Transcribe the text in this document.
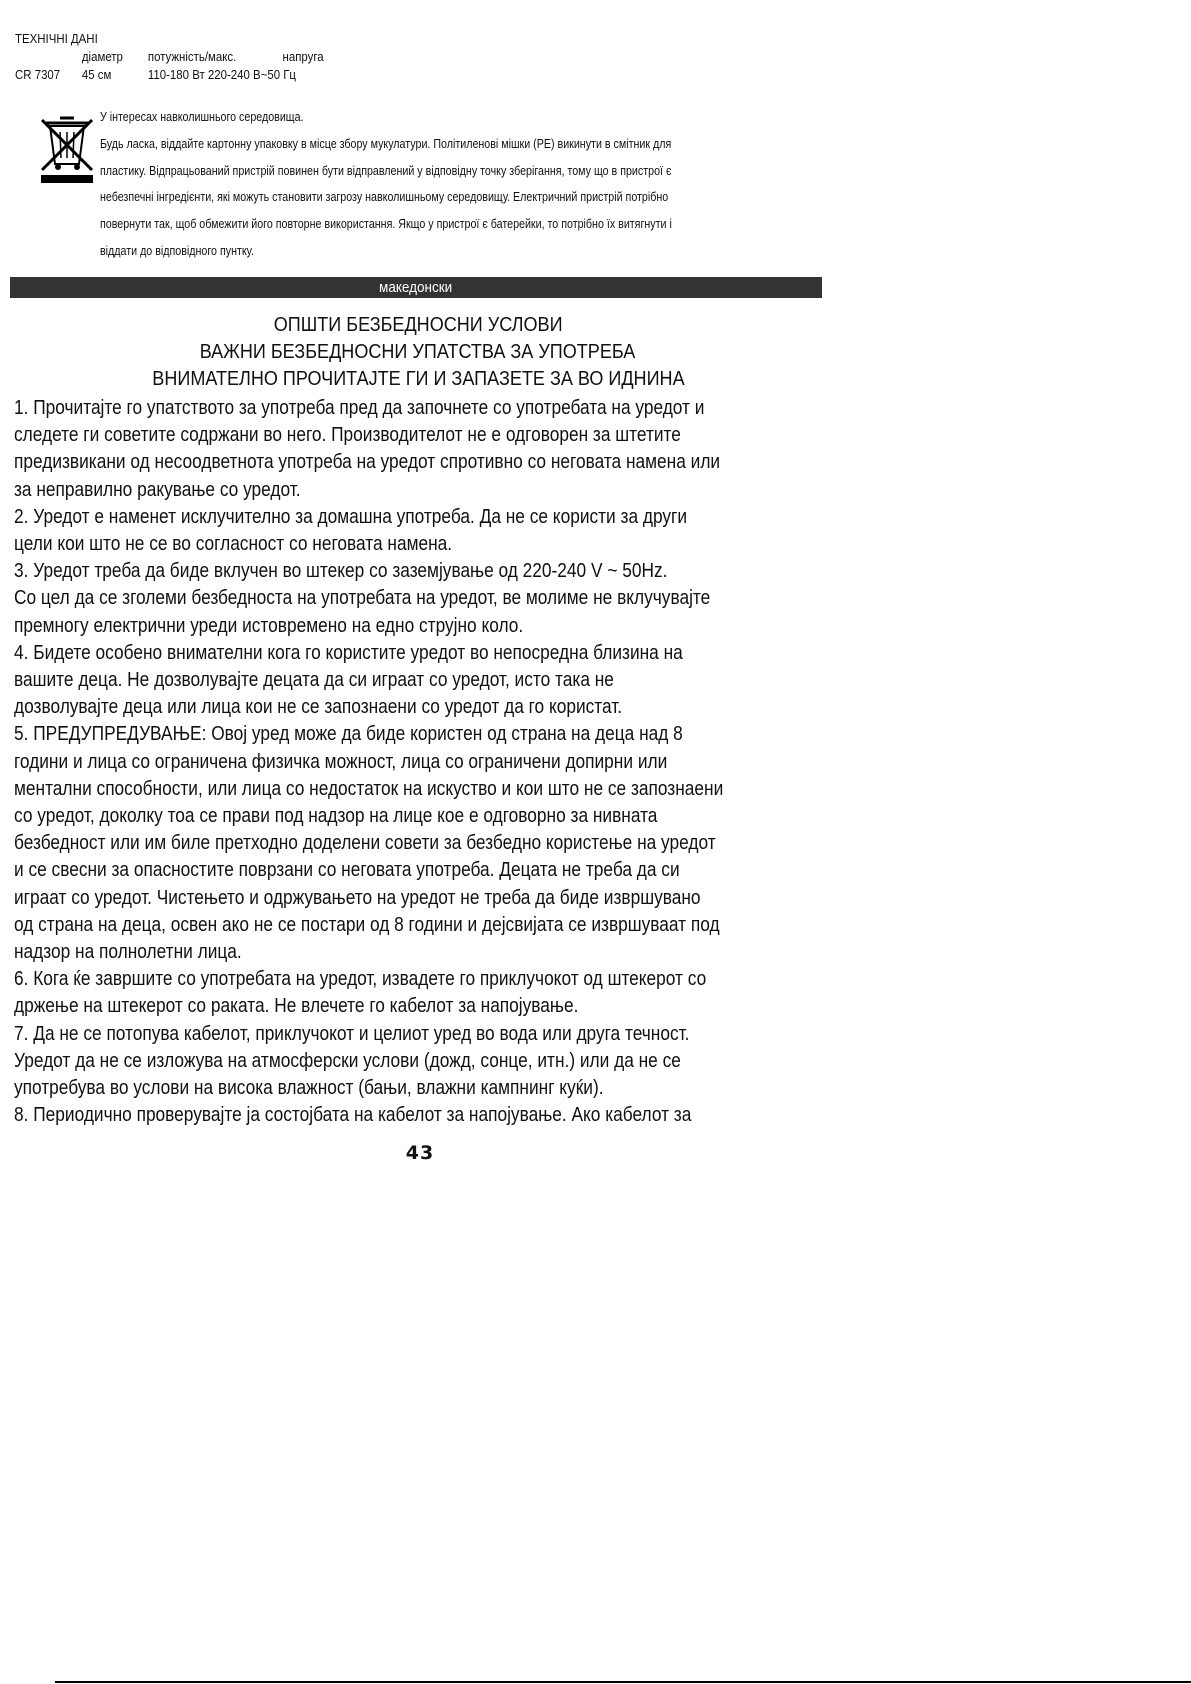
ТЕХНІЧНІ ДАНІ
діаметр потужність/макс.	напруга
CR 7307 45 см	110-180 Вт 220-240 В~50 Гц

У інтересах навколишнього середовища.

Будь ласка, віддайте картонну упаковку в місце збору мукулатури. Політиленові мішки (PE) викинути в смітник для

пластику. Відпрацьований пристрій повинен бути відправлений у відповідну точку зберігання, тому що в пристрої є

небезпечні інгредієнти, які можуть становити загрозу навколишньому середовищу. Електричний пристрій потрібно

повернути так, щоб обмежити його повторне використання. Якщо у пристрої є батерейки, то потрібно їх витягнути і

віддати до відповідного пунтку.

македонски
ОПШТИ БЕЗБЕДНОСНИ УСЛОВИ
ВАЖНИ БЕЗБЕДНОСНИ УПАТСТВА ЗА УПОТРЕБА
ВНИМАТЕЛНО ПРОЧИТАЈТЕ ГИ И ЗАПАЗЕТЕ ЗА ВО ИДНИНА
1. Прочитајте го упатството за употреба пред да започнете со употребата на уредот и
следете ги советите содржани во него. Производителот не е одговорен за штетите
предизвикани од несоодветнота употреба на уредот спротивно со неговата намена или
за неправилно ракување со уредот.
2. Уредот е наменет исклучително за домашна употреба. Да не се користи за други
цели кои што не се во согласност со неговата намена.
3. Уредот треба да биде вклучен во штекер со заземјување од 220-240 V ~ 50Hz.
Со цел да се зголеми безбедноста на употребата на уредот, ве молиме не вклучувајте
премногу електрични уреди истовремено на едно струјно коло.
4. Бидете особено внимателни кога го користите уредот во непосредна близина на
вашите деца. Не дозволувајте децата да си играат со уредот, исто така не
дозволувајте деца или лица кои не се запознаени со уредот да го користат.
5. ПРЕДУПРЕДУВАЊЕ: Овој уред може да биде користен од страна на деца над 8
години и лица со ограничена физичка можност, лица со ограничени допирни или
ментални способности, или лица со недостаток на искуство и кои што не се запознаени
со уредот, доколку тоа се прави под надзор на лице кое е одговорно за нивната
безбедност или им биле претходно доделени совети за безбедно користење на уредот
и се свесни за опасностите поврзани со неговата употреба. Децата не треба да си
играат со уредот. Чистењето и одржувањето на уредот не треба да биде извршувано
од страна на деца, освен ако не се постари од 8 години и дејсвијата се извршуваат под
надзор на полнолетни лица.
6. Кога ќе завршите со употребата на уредот, извадете го приклучокот од штекерот со
држење на штекерот со раката. Не влечете го кабелот за напојување.
7. Да не се потопува кабелот, приклучокот и целиот уред во вода или друга течност.
Уредот да не се изложува на атмосферски услови (дожд, сонце, итн.) или да не се
употребува во услови на висока влажност (бањи, влажни кампнинг куќи).
8. Периодично проверувајте ја состојбата на кабелот за напојување. Ако кабелот за
43
